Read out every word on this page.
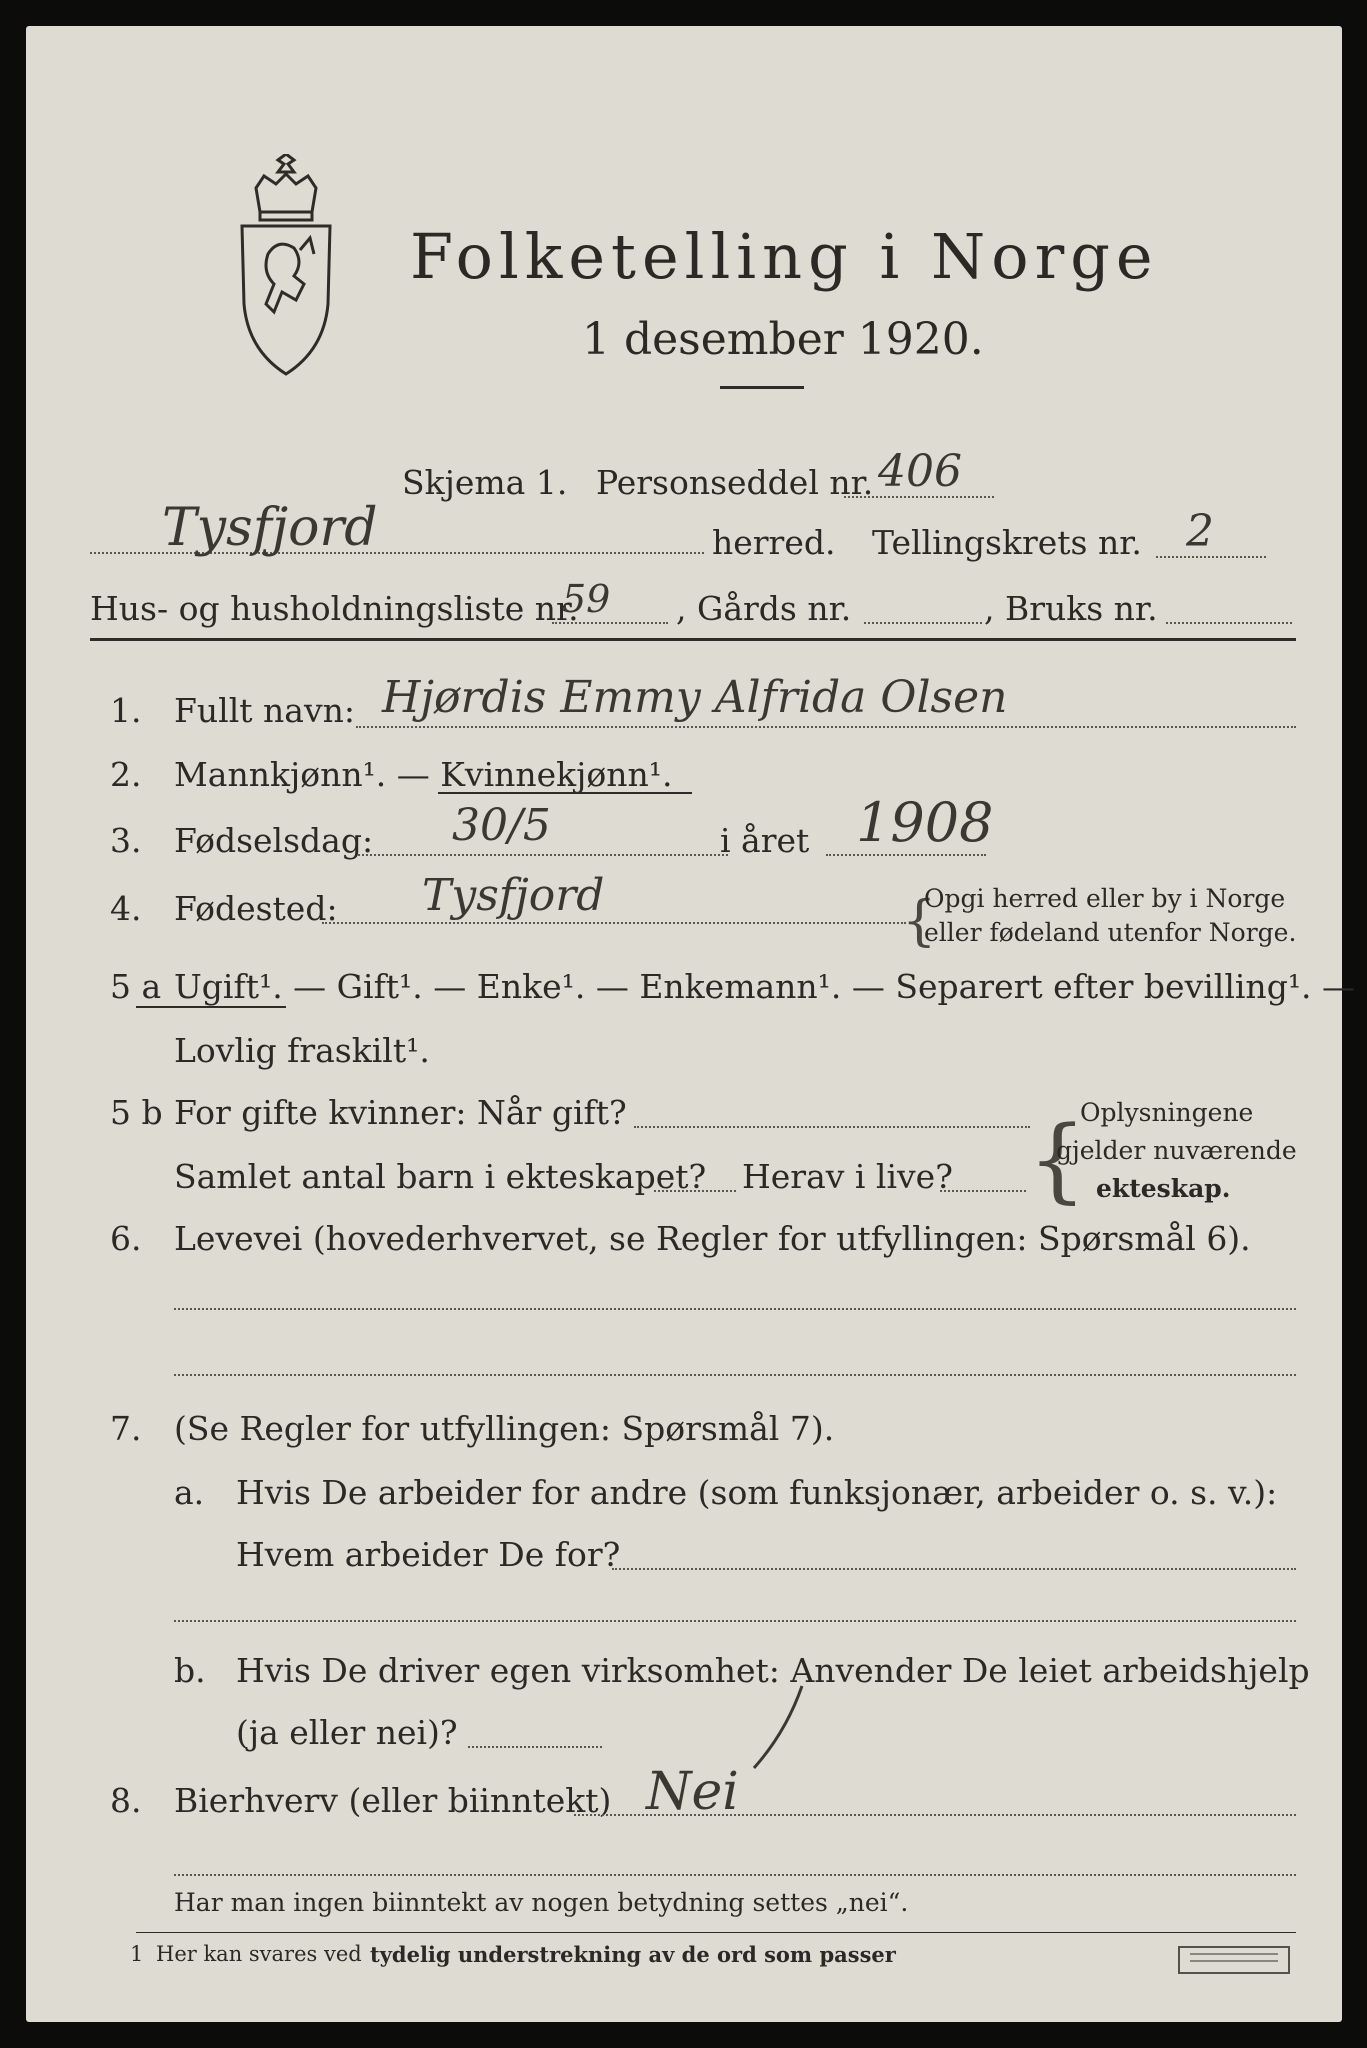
Folketelling i Norge
1 desember 1920.
Skjema 1. Personseddel nr. 406
Tysfjord	herred. Tellingskrets nr. 2
Hus- og husholdningsliste nr.
59 , Gårds nr.	, Bruks nr.
1. Fullt navn: Hjørdis Emmy Alfrida Olsen
2. Mannkjønn¹. — Kvinnekjønn¹.
3. Fødselsdag: 30/5	i året 1908
4. Fødested: Tysfjord	{
Opgi herred eller by i Norge
eller fødeland utenfor Norge.
5 a Ugift¹. — Gift¹. — Enke¹. — Enkemann¹. — Separert efter bevilling¹. —
Lovlig fraskilt¹.
5 b For gifte kvinner: Når gift?
Samlet antal barn i ekteskapet? Herav i live? {
Oplysningene
gjelder nuværende
ekteskap.
6. Levevei (hovederhvervet, se Regler for utfyllingen: Spørsmål 6).
7. (Se Regler for utfyllingen: Spørsmål 7).
a. Hvis De arbeider for andre (som funksjonær, arbeider o. s. v.):
Hvem arbeider De for?
b. Hvis De driver egen virksomhet: Anvender De leiet arbeidshjelp
(ja eller nei)?
8. Bierhverv (eller biinntekt) Nei
Har man ingen biinntekt av nogen betydning settes „nei“.
1 Her kan svares ved tydelig understrekning av de ord som passer
